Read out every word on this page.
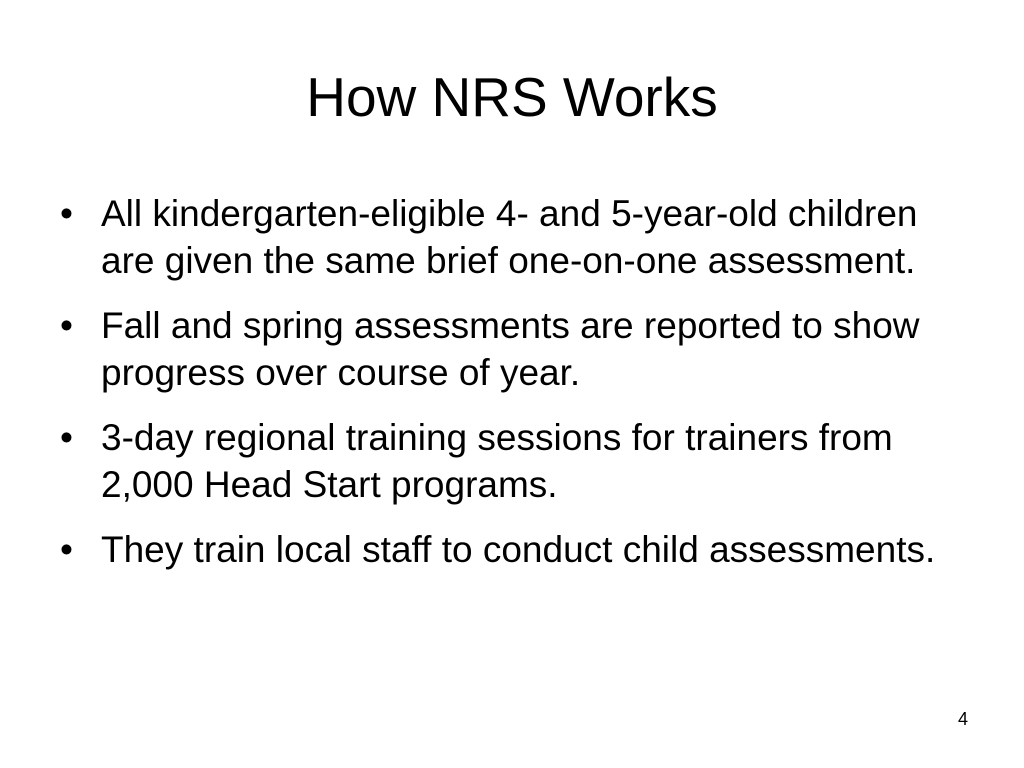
How NRS Works
• All kindergarten-eligible 4- and 5-year-old children are given the same brief one-on-one assessment.
• Fall and spring assessments are reported to show progress over course of year.
• 3-day regional training sessions for trainers from 2,000 Head Start programs.
• They train local staff to conduct child assessments.
4
